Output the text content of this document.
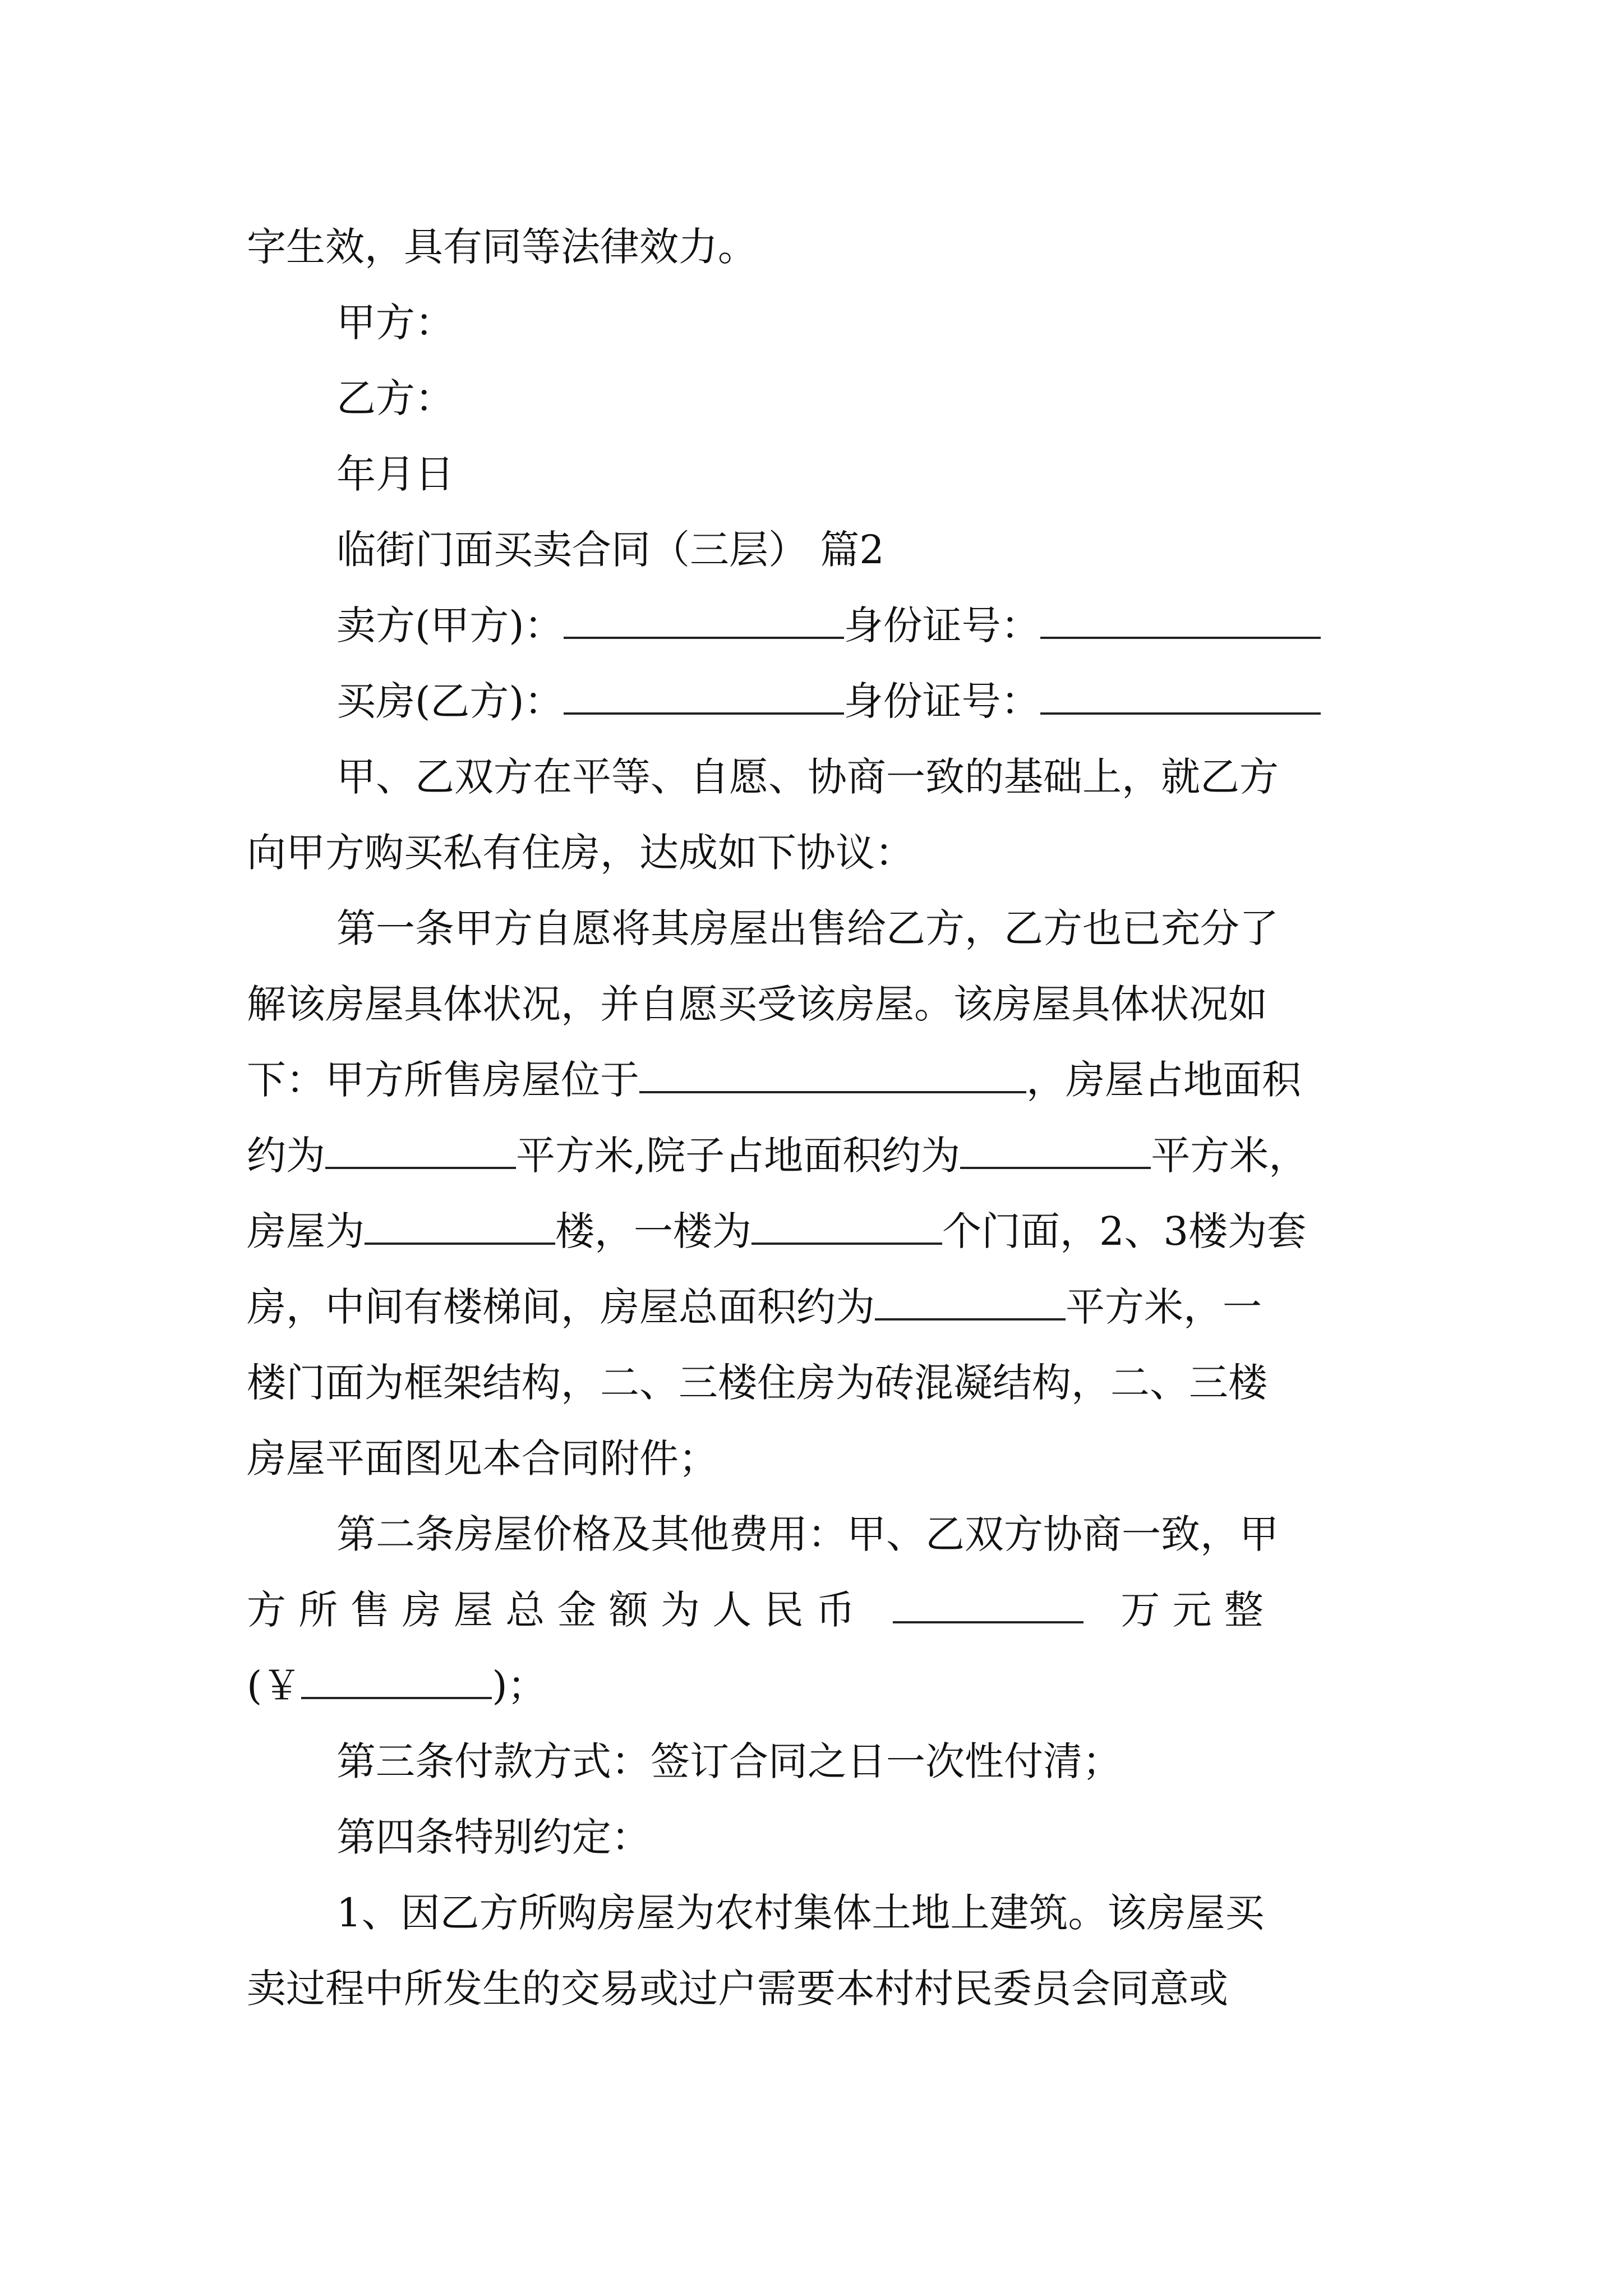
字生效，具有同等法律效力。

甲方：

乙方：

年月日

临街门面买卖合同（三层） 篇2

卖方(甲方)：	身份证号：

买房(乙方)：	身份证号：

甲、乙双方在平等、自愿、协商一致的基础上，就乙方

向甲方购买私有住房，达成如下协议：

第一条甲方自愿将其房屋出售给乙方，乙方也已充分了

解该房屋具体状况，并自愿买受该房屋。该房屋具体状况如

下：甲方所售房屋位于	，房屋占地面积

约为	平方米,院子占地面积约为	平方米，

房屋为	楼，一楼为	个门面，2、3楼为套

房，中间有楼梯间，房屋总面积约为	平方米，一

楼门面为框架结构，二、三楼住房为砖混凝结构，二、三楼

房屋平面图见本合同附件；

第二条房屋价格及其他费用：甲、乙双方协商一致，甲

方 所 售 房 屋 总 金 额 为 人 民 币	万 元 整

(￥	)；

第三条付款方式：签订合同之日一次性付清；

第四条特别约定：

1、因乙方所购房屋为农村集体土地上建筑。该房屋买

卖过程中所发生的交易或过户需要本村村民委员会同意或
